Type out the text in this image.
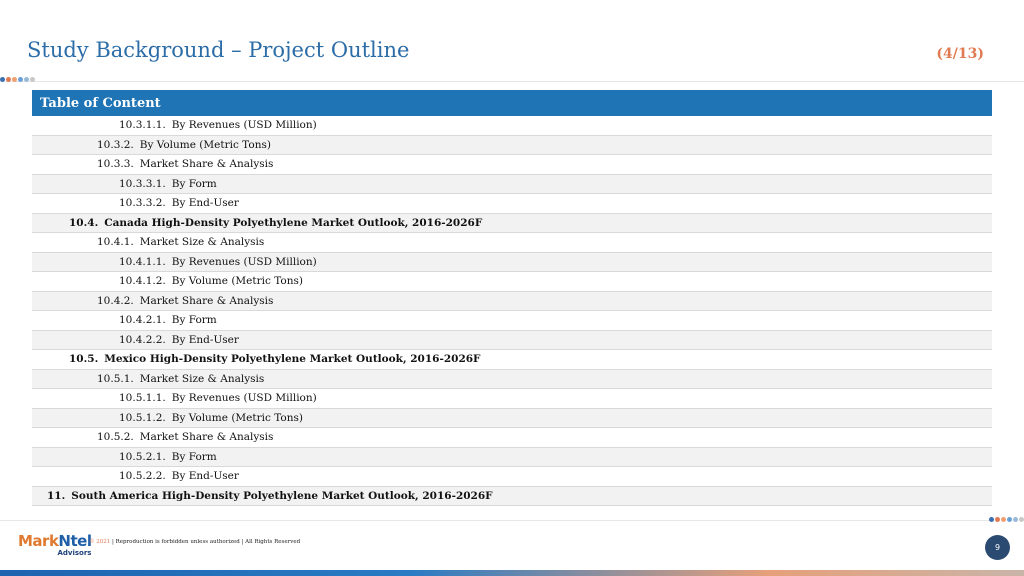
Study Background – Project Outline	(4/13)
Table of Content
10.3.1.1. By Revenues (USD Million)
10.3.2. By Volume (Metric Tons)
10.3.3. Market Share & Analysis
10.3.3.1. By Form
10.3.3.2. By End-User
10.4. Canada High-Density Polyethylene Market Outlook, 2016-2026F
10.4.1. Market Size & Analysis
10.4.1.1. By Revenues (USD Million)
10.4.1.2. By Volume (Metric Tons)
10.4.2. Market Share & Analysis
10.4.2.1. By Form
10.4.2.2. By End-User
10.5. Mexico High-Density Polyethylene Market Outlook, 2016-2026F
10.5.1. Market Size & Analysis
10.5.1.1. By Revenues (USD Million)
10.5.1.2. By Volume (Metric Tons)
10.5.2. Market Share & Analysis
10.5.2.1. By Form
10.5.2.2. By End-User
11. South America High-Density Polyethylene Market Outlook, 2016-2026F
MarkNtel
Advisors
© 2021 | Reproduction is forbidden unless authorized | All Rights Reserved
9
